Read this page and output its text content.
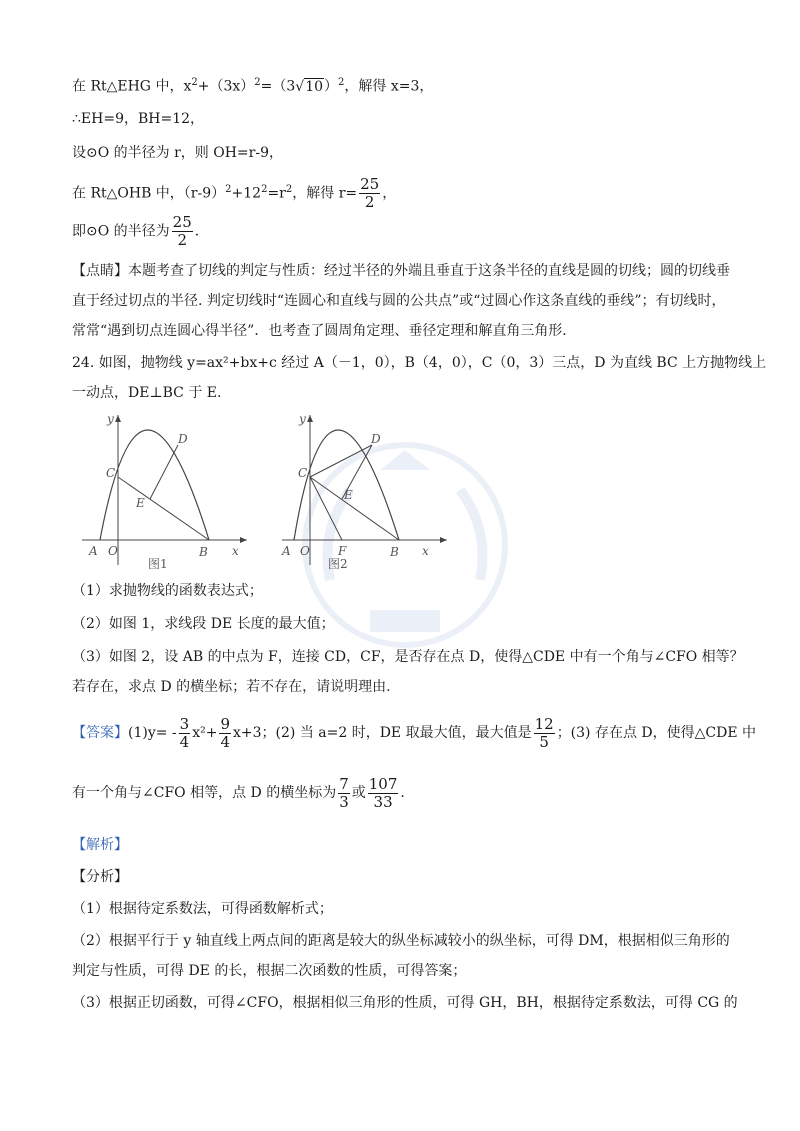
在 Rt△EHG 中，$x^2+(3x)^2=(3√10)^2$，解得 x=3，
∴EH=9，BH=12，
设⊙O 的半径为 r，则 OH=r-9，
在 Rt△OHB 中，$(r-9)^2+12^2=r^2$，解得 $r= \frac{25}{2}$ ，
即⊙O 的半径为 $\frac{25}{2}$ ．
【点睛】本题考查了切线的判定与性质：经过半径的外端且垂直于这条半径的直线是圆的切线；圆的切线垂直于经过切点的半径. 判定切线时“连圆心和直线与圆的公共点”或“过圆心作这条直线的垂线”；有切线时，常常“遇到切点连圆心得半径”．也考查了圆周角定理、垂径定理和解直角三角形．
24. 如图，抛物线 y=ax²+bx+c 经过 A（－1，0），B（4，0），C（0，3）三点，D 为直线 BC 上方抛物线上
一动点，DE⊥BC 于 E.
y
x
A O	B
C
D
E
图1
y
x
A O F	B
C
D
E
图2
（1）求抛物线的函数表达式；
（2）如图 1，求线段 DE 长度的最大值；
（3）如图 2，设 AB 的中点为 F，连接 CD，CF，是否存在点 D，使得△CDE 中有一个角与∠CFO 相等？
若存在，求点 D 的横坐标；若不存在，请说明理由.
【答案】$(1)y= - \frac{3}{4} x^2+ \frac{9}{4} x+3$；(2) 当 a=2 时，DE 取最大值，最大值是 $\frac{12}{5}$ ；(3) 存在点 D，使得△CDE 中
有一个角与∠CFO 相等，点 D 的横坐标为 $\frac{7}{3}$ 或 $\frac{107}{33}$ .
【解析】
【分析】
（1）根据待定系数法，可得函数解析式；
（2）根据平行于 y 轴直线上两点间的距离是较大的纵坐标减较小的纵坐标，可得 DM，根据相似三角形的
判定与性质，可得 DE 的长，根据二次函数的性质，可得答案；
（3）根据正切函数，可得∠CFO，根据相似三角形的性质，可得 GH，BH，根据待定系数法，可得 CG 的
